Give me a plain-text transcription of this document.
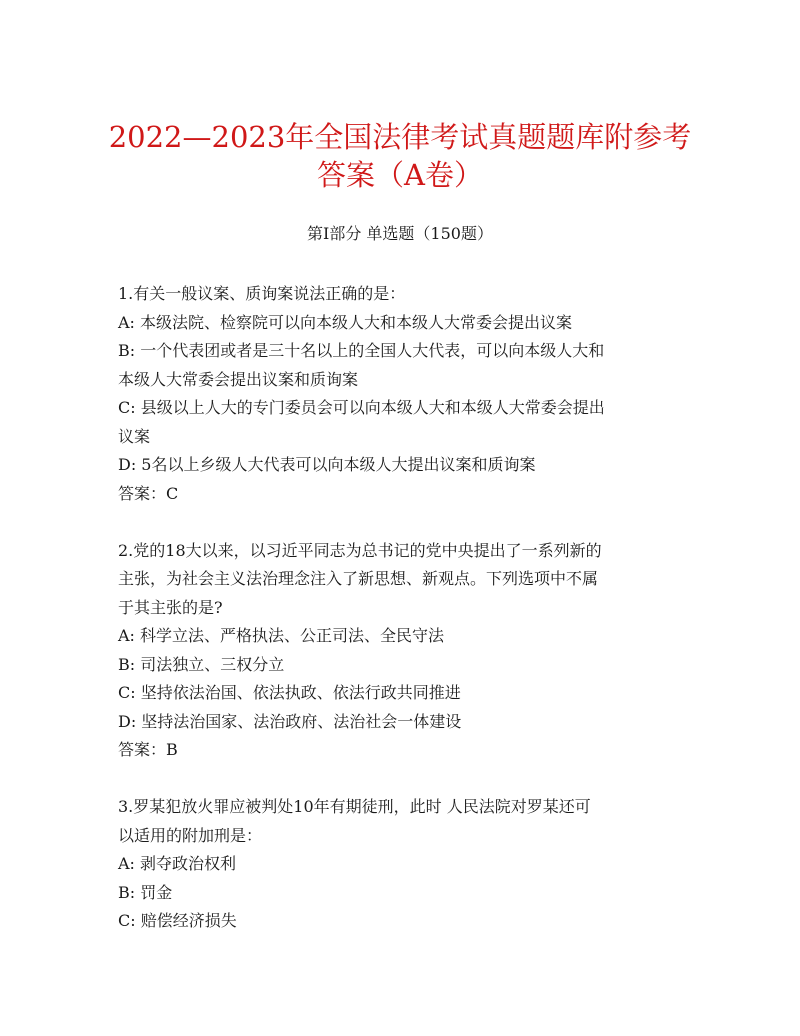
2022—2023年全国法律考试真题题库附参考
答案（A卷）
第I部分 单选题（150题）
1.有关一般议案、质询案说法正确的是：
A: 本级法院、检察院可以向本级人大和本级人大常委会提出议案
B: 一个代表团或者是三十名以上的全国人大代表，可以向本级人大和
本级人大常委会提出议案和质询案
C: 县级以上人大的专门委员会可以向本级人大和本级人大常委会提出
议案
D: 5名以上乡级人大代表可以向本级人大提出议案和质询案
答案：C
2.党的18大以来，以习近平同志为总书记的党中央提出了一系列新的
主张，为社会主义法治理念注入了新思想、新观点。下列选项中不属
于其主张的是?
A: 科学立法、严格执法、公正司法、全民守法
B: 司法独立、三权分立
C: 坚持依法治国、依法执政、依法行政共同推进
D: 坚持法治国家、法治政府、法治社会一体建设
答案：B
3.罗某犯放火罪应被判处10年有期徒刑，此时 人民法院对罗某还可
以适用的附加刑是：
A: 剥夺政治权利
B: 罚金
C: 赔偿经济损失
